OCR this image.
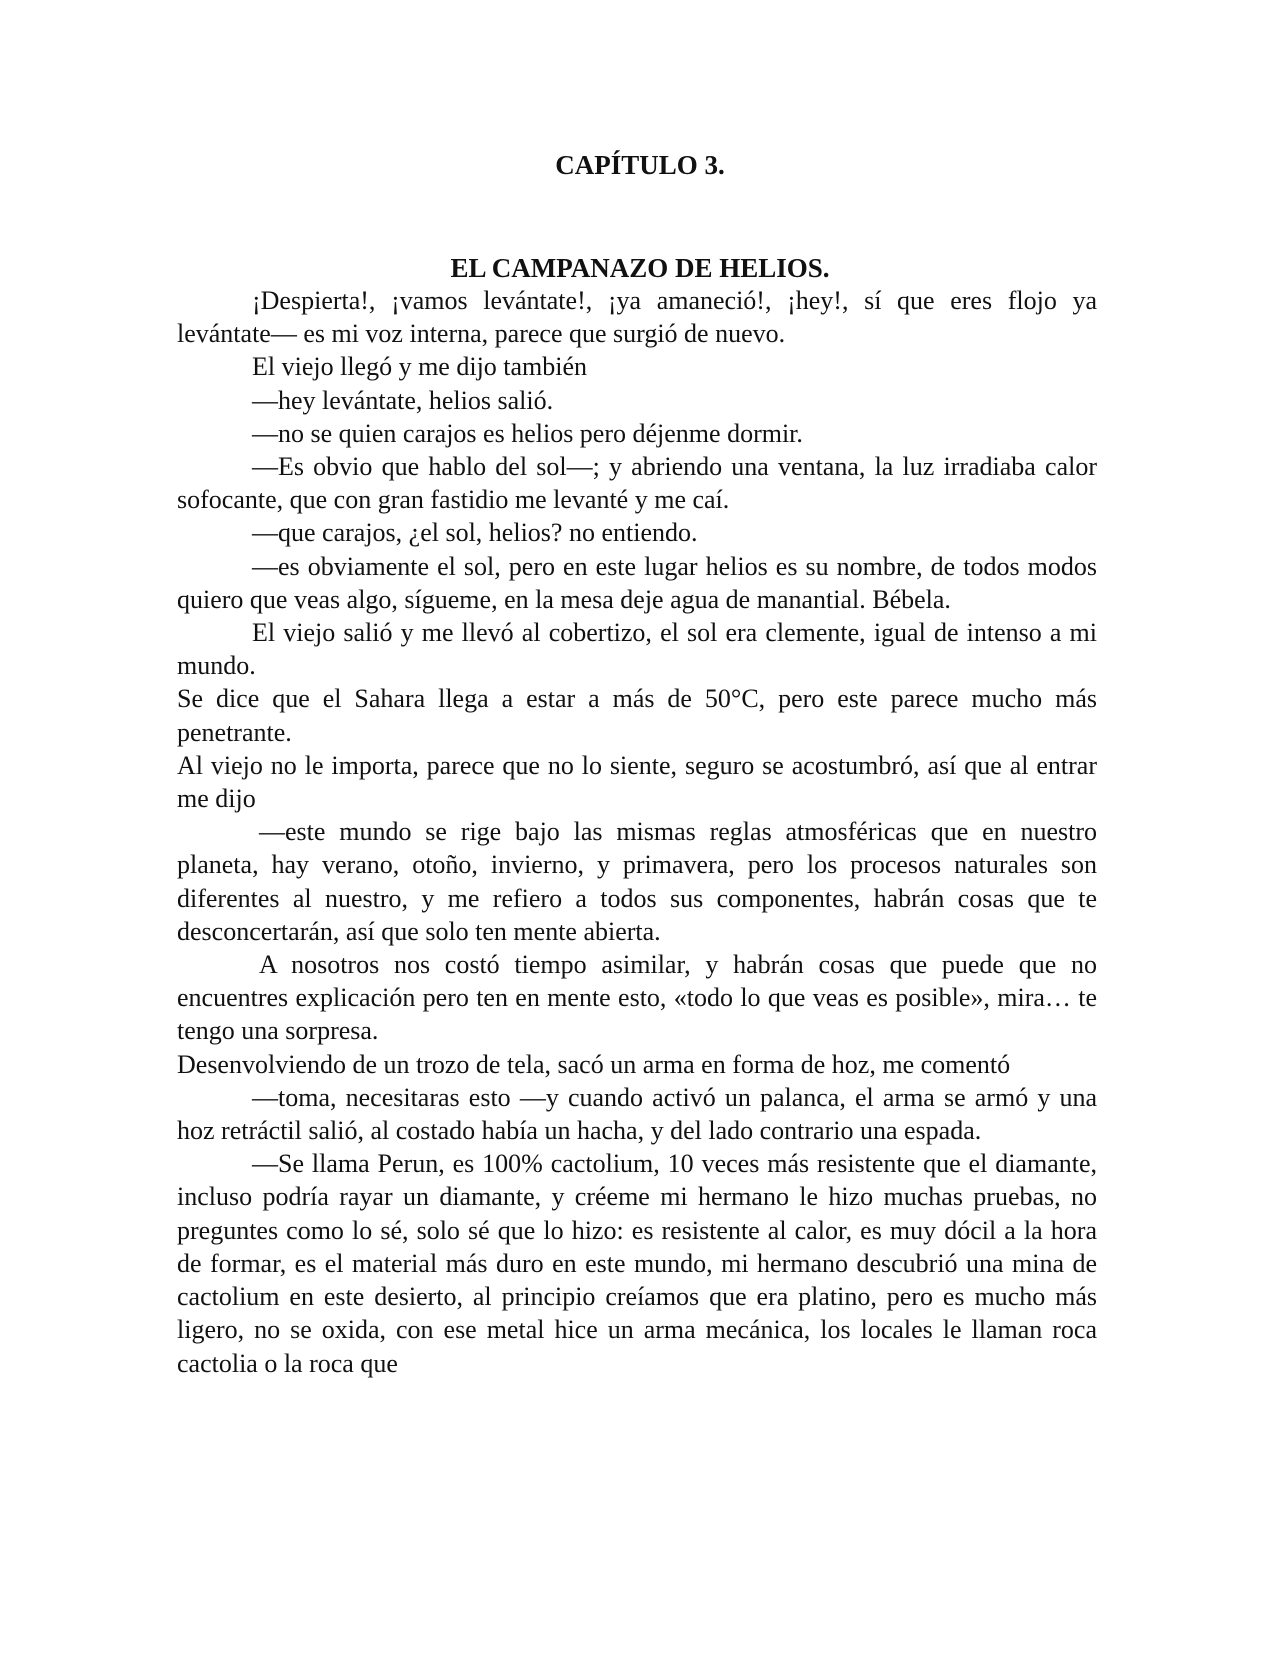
CAPÍTULO 3.
EL CAMPANAZO DE HELIOS.

¡Despierta!, ¡vamos levántate!, ¡ya amaneció!, ¡hey!, sí que eres flojo ya levántate— es mi voz interna, parece que surgió de nuevo.

El viejo llegó y me dijo también

—hey levántate, helios salió.

—no se quien carajos es helios pero déjenme dormir.

—Es obvio que hablo del sol—; y abriendo una ventana, la luz irradiaba calor sofocante, que con gran fastidio me levanté y me caí.

—que carajos, ¿el sol, helios? no entiendo.

—es obviamente el sol, pero en este lugar helios es su nombre, de todos modos quiero que veas algo, sígueme, en la mesa deje agua de manantial. Bébela.

El viejo salió y me llevó al cobertizo, el sol era clemente, igual de intenso a mi mundo.

Se dice que el Sahara llega a estar a más de 50°C, pero este parece mucho más penetrante.

Al viejo no le importa, parece que no lo siente, seguro se acostumbró, así que al entrar me dijo

—este mundo se rige bajo las mismas reglas atmosféricas que en nuestro planeta, hay verano, otoño, invierno, y primavera, pero los procesos naturales son diferentes al nuestro, y me refiero a todos sus componentes, habrán cosas que te desconcertarán, así que solo ten mente abierta.

A nosotros nos costó tiempo asimilar, y habrán cosas que puede que no encuentres explicación pero ten en mente esto, «todo lo que veas es posible», mira… te tengo una sorpresa.

Desenvolviendo de un trozo de tela, sacó un arma en forma de hoz, me comentó

—toma, necesitaras esto —y cuando activó un palanca, el arma se armó y una hoz retráctil salió, al costado había un hacha, y del lado contrario una espada.

—Se llama Perun, es 100% cactolium, 10 veces más resistente que el diamante, incluso podría rayar un diamante, y créeme mi hermano le hizo muchas pruebas, no preguntes como lo sé, solo sé que lo hizo: es resistente al calor, es muy dócil a la hora de formar, es el material más duro en este mundo, mi hermano descubrió una mina de cactolium en este desierto, al principio creíamos que era platino, pero es mucho más ligero, no se oxida, con ese metal hice un arma mecánica, los locales le llaman roca cactolia o la roca que
